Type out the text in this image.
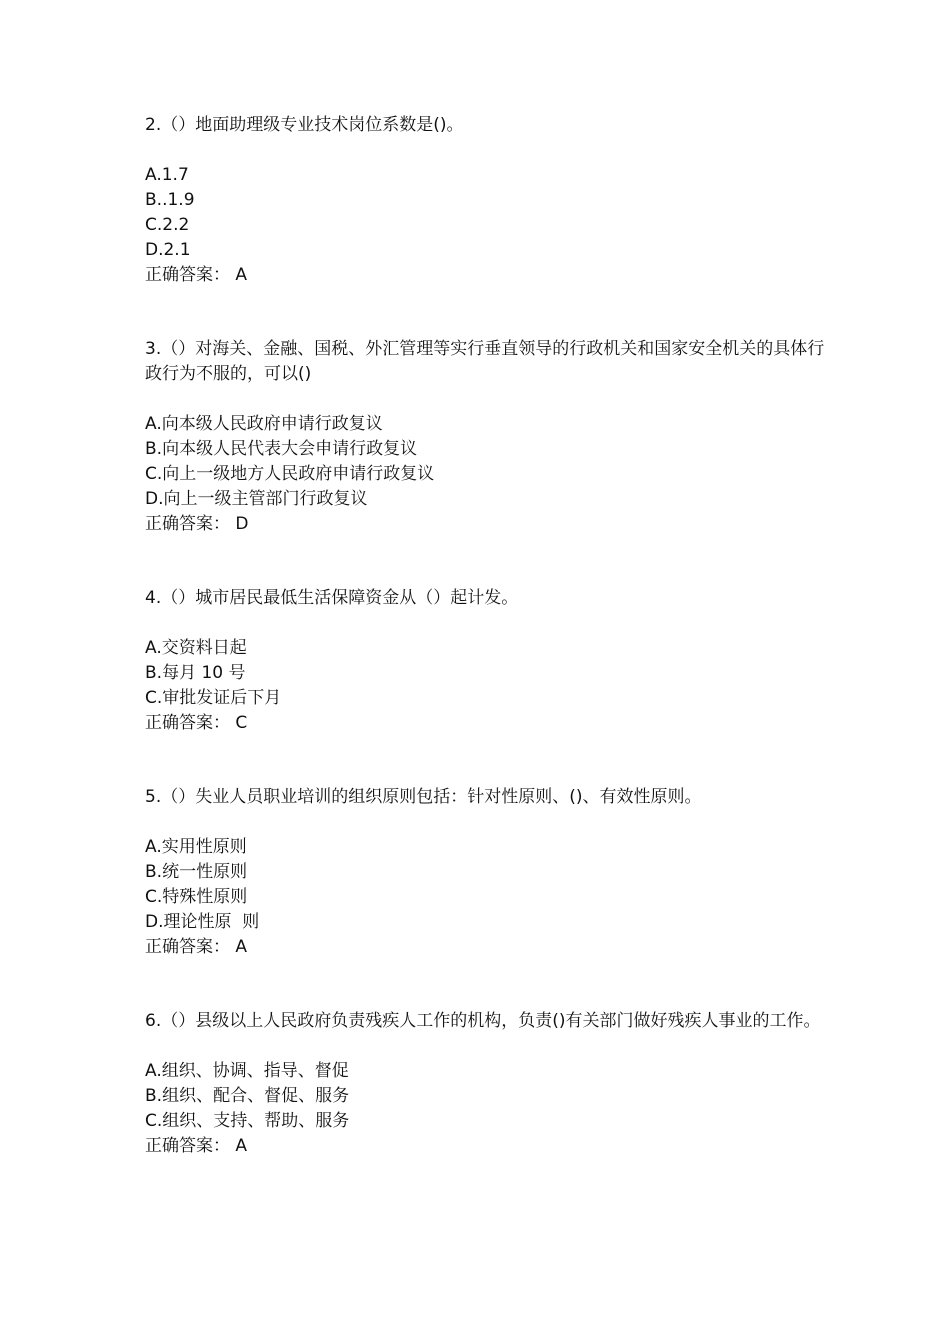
2.（）地面助理级专业技术岗位系数是()。

A.1.7

B..1.9

C.2.2

D.2.1

正确答案： A

3.（）对海关、金融、国税、外汇管理等实行垂直领导的行政机关和国家安全机关的具体行政行为不服的，可以()

A.向本级人民政府申请行政复议

B.向本级人民代表大会申请行政复议

C.向上一级地方人民政府申请行政复议

D.向上一级主管部门行政复议

正确答案： D

4.（）城市居民最低生活保障资金从（）起计发。

A.交资料日起

B.每月 10 号

C.审批发证后下月

正确答案： C

5.（）失业人员职业培训的组织原则包括：针对性原则、()、有效性原则。

A.实用性原则

B.统一性原则

C.特殊性原则

D.理论性原  则

正确答案： A

6.（）县级以上人民政府负责残疾人工作的机构，负责()有关部门做好残疾人事业的工作。

A.组织、协调、指导、督促

B.组织、配合、督促、服务

C.组织、支持、帮助、服务

正确答案： A
